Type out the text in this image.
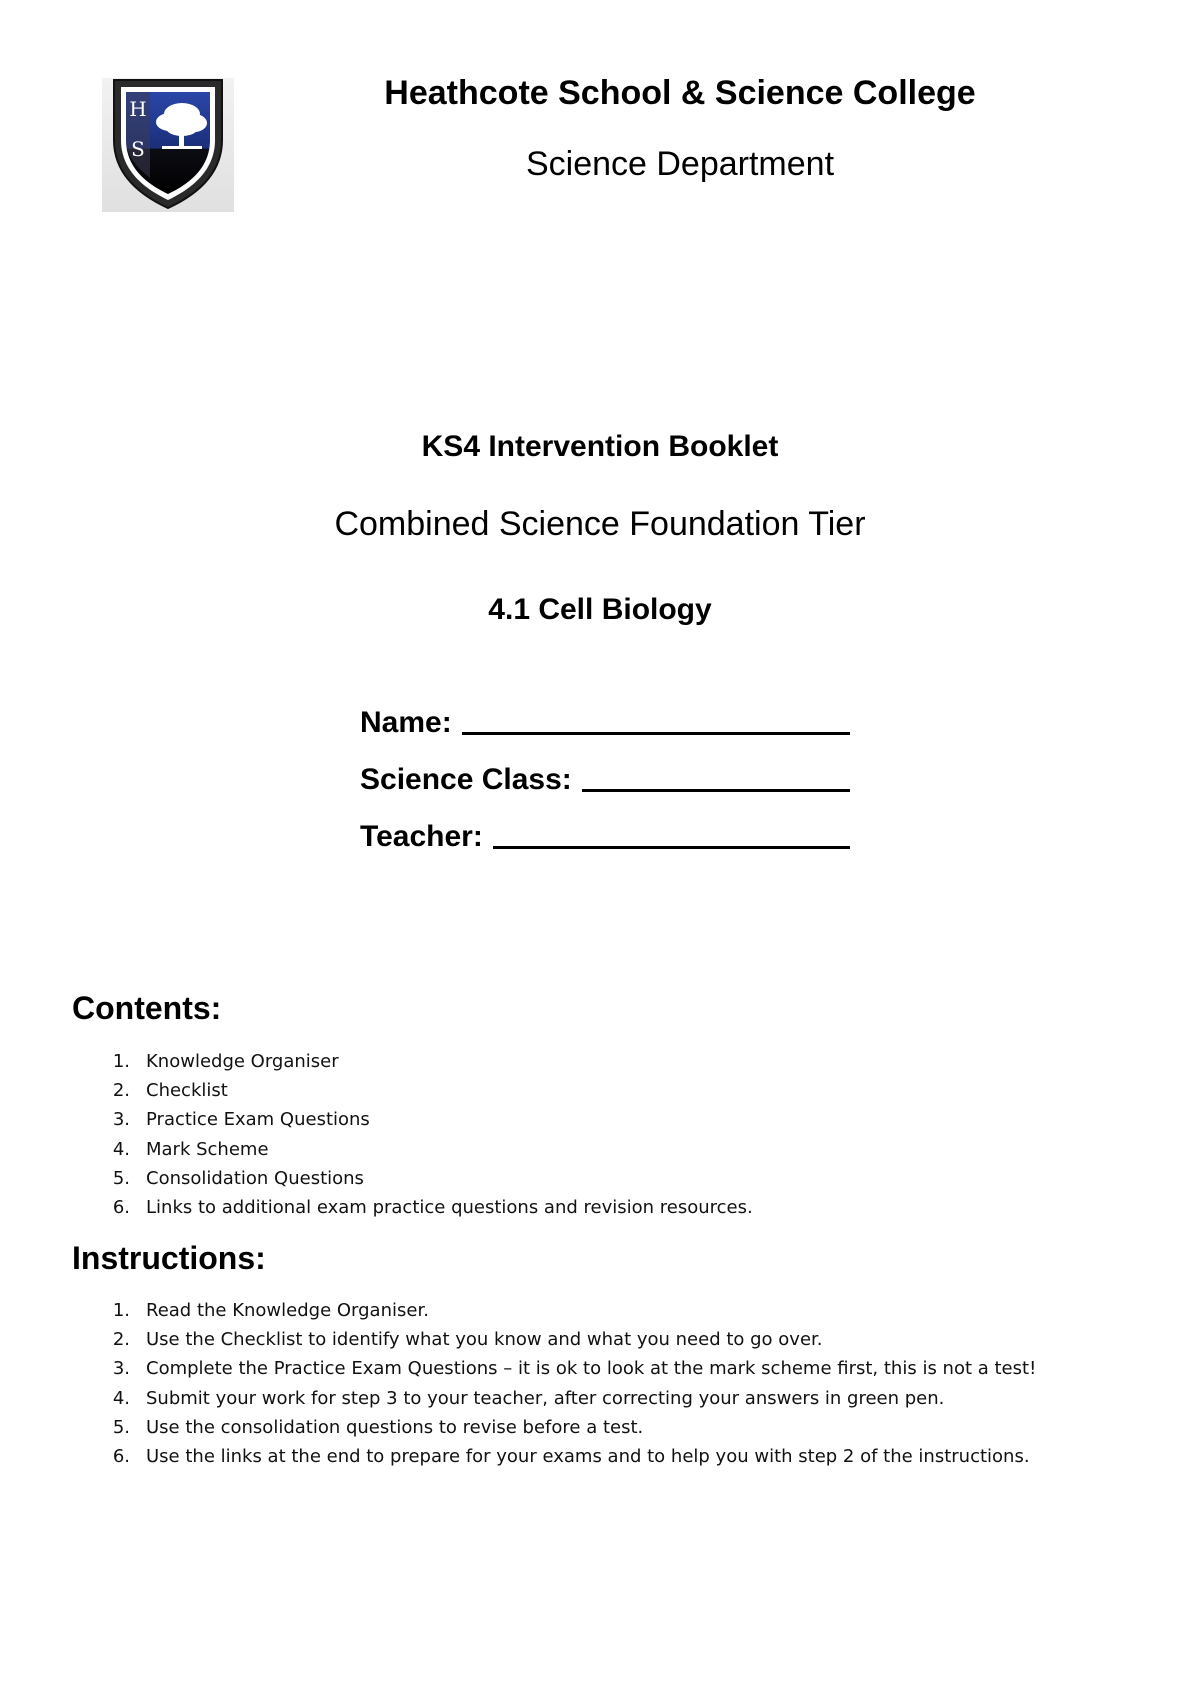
H
S
Heathcote School & Science College
Science Department
KS4 Intervention Booklet
Combined Science Foundation Tier
4.1 Cell Biology
Name:
Science Class:
Teacher:
Contents:
1. Knowledge Organiser
2. Checklist
3. Practice Exam Questions
4. Mark Scheme
5. Consolidation Questions
6. Links to additional exam practice questions and revision resources.
Instructions:
1. Read the Knowledge Organiser.
2. Use the Checklist to identify what you know and what you need to go over.
3. Complete the Practice Exam Questions – it is ok to look at the mark scheme first, this is not a test!
4. Submit your work for step 3 to your teacher, after correcting your answers in green pen.
5. Use the consolidation questions to revise before a test.
6. Use the links at the end to prepare for your exams and to help you with step 2 of the instructions.
